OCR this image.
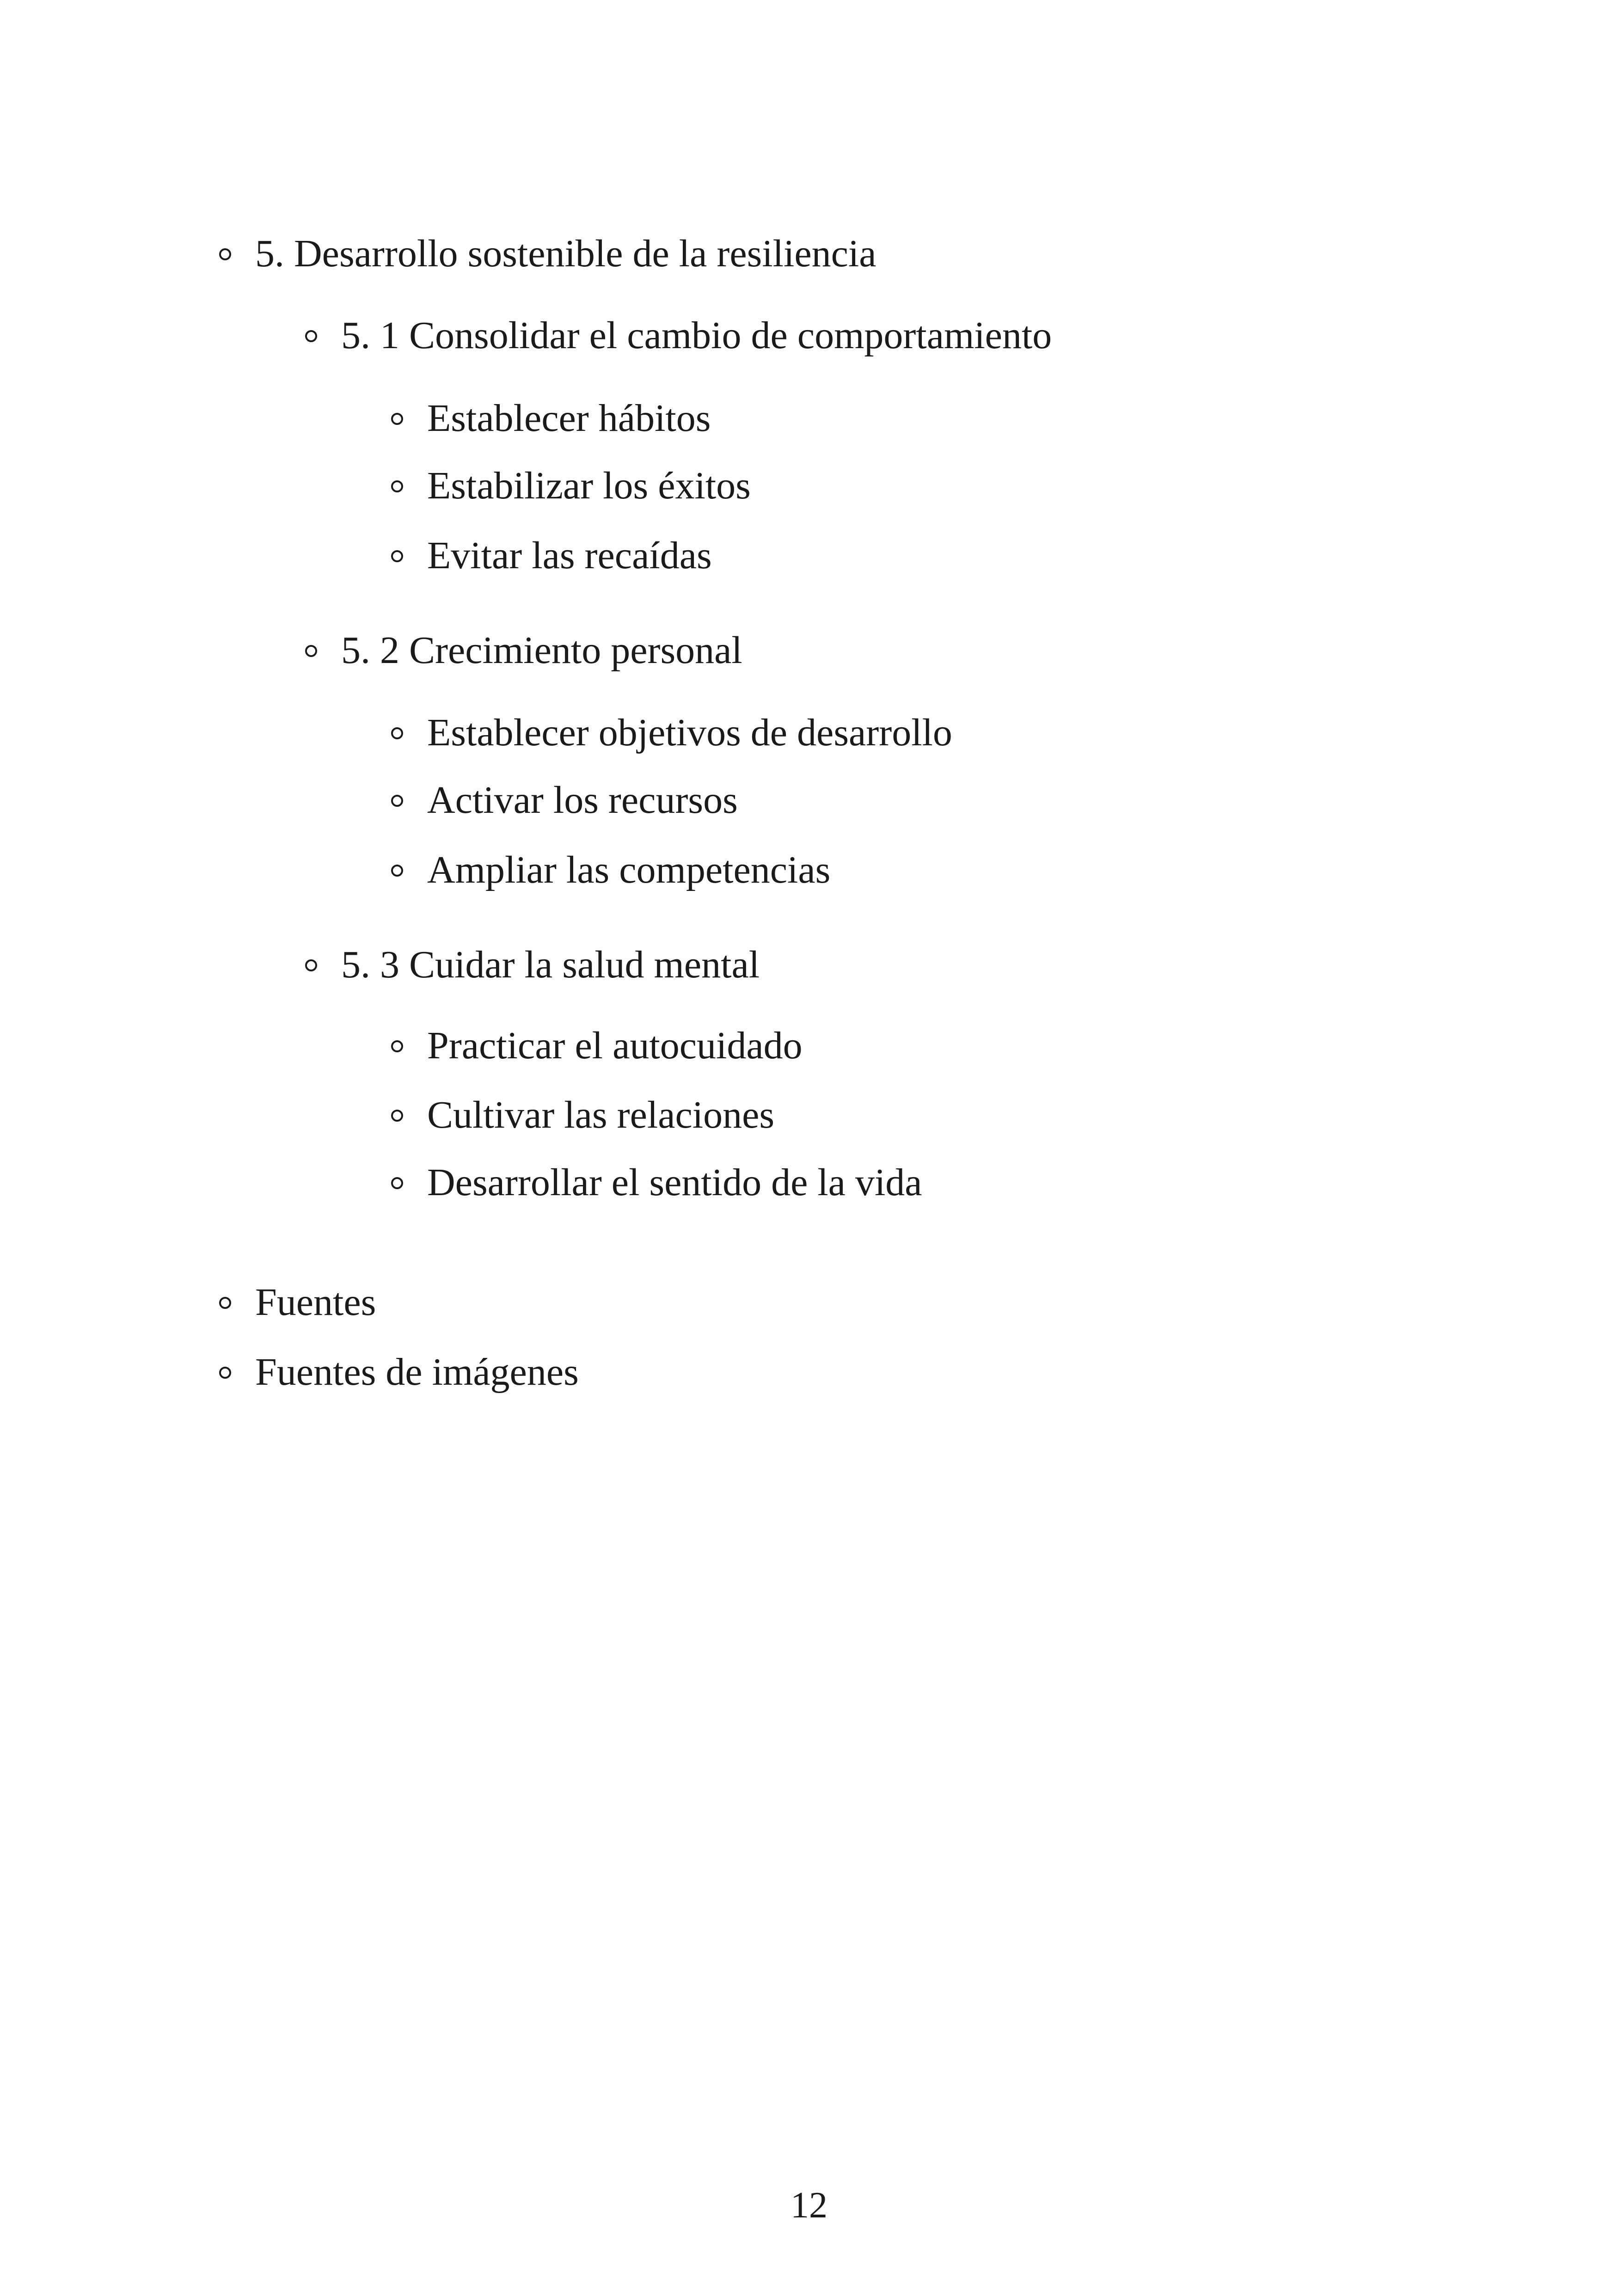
5. Desarrollo sostenible de la resiliencia
5. 1 Consolidar el cambio de comportamiento
Establecer hábitos
Estabilizar los éxitos
Evitar las recaídas
5. 2 Crecimiento personal
Establecer objetivos de desarrollo
Activar los recursos
Ampliar las competencias
5. 3 Cuidar la salud mental
Practicar el autocuidado
Cultivar las relaciones
Desarrollar el sentido de la vida
Fuentes
Fuentes de imágenes
12
